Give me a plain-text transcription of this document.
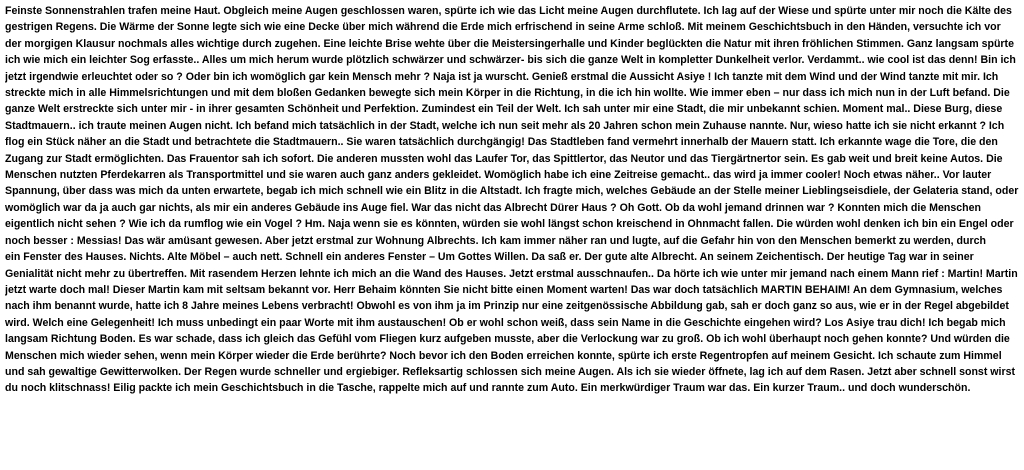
Feinste Sonnenstrahlen trafen meine Haut. Obgleich meine Augen geschlossen waren, spürte ich wie das Licht meine Augen durchflutete. Ich lag auf der Wiese und spürte unter mir noch die Kälte des gestrigen Regens. Die Wärme der Sonne legte sich wie eine Decke über mich während die Erde mich erfrischend in seine Arme schloß. Mit meinem Geschichtsbuch in den Händen, versuchte ich vor der morgigen Klausur nochmals alles wichtige durch zugehen. Eine leichte Brise wehte über die Meistersingerhalle und Kinder beglückten die Natur mit ihren fröhlichen Stimmen. Ganz langsam spürte ich wie mich ein leichter Sog erfasste.. Alles um mich herum wurde plötzlich schwärzer und schwärzer- bis sich die ganze Welt in kompletter Dunkelheit verlor. Verdammt.. wie cool ist das denn! Bin ich jetzt irgendwie erleuchtet oder so ? Oder bin ich womöglich gar kein Mensch mehr ? Naja ist ja wurscht. Genieß erstmal die Aussicht Asiye ! Ich tanzte mit dem Wind und der Wind tanzte mit mir. Ich streckte mich in alle Himmelsrichtungen und mit dem bloßen Gedanken bewegte sich mein Körper in die Richtung, in die ich hin wollte. Wie immer eben – nur dass ich mich nun in der Luft befand. Die ganze Welt erstreckte sich unter mir - in ihrer gesamten Schönheit und Perfektion. Zumindest ein Teil der Welt. Ich sah unter mir eine Stadt, die mir unbekannt schien. Moment mal.. Diese Burg, diese Stadtmauern.. ich traute meinen Augen nicht. Ich befand mich tatsächlich in der Stadt, welche ich nun seit mehr als 20 Jahren schon mein Zuhause nannte. Nur, wieso hatte ich sie nicht erkannt ? Ich flog ein Stück näher an die Stadt und betrachtete die Stadtmauern.. Sie waren tatsächlich durchgängig! Das Stadtleben fand vermehrt innerhalb der Mauern statt. Ich erkannte wage die Tore, die den Zugang zur Stadt ermöglichten. Das Frauentor sah ich sofort. Die anderen mussten wohl das Laufer Tor, das Spittlertor, das Neutor und das Tiergärtnertor sein. Es gab weit und breit keine Autos. Die Menschen nutzten Pferdekarren als Transportmittel und sie waren auch ganz anders gekleidet. Womöglich habe ich eine Zeitreise gemacht.. das wird ja immer cooler! Noch etwas näher.. Vor lauter Spannung, über dass was mich da unten erwartete, begab ich mich schnell wie ein Blitz in die Altstadt. Ich fragte mich, welches Gebäude an der Stelle meiner Lieblingseisdiele, der Gelateria stand, oder womöglich war da ja auch gar nichts, als mir ein anderes Gebäude ins Auge fiel. War das nicht das Albrecht Dürer Haus ? Oh Gott. Ob da wohl jemand drinnen war ? Konnten mich die Menschen eigentlich nicht sehen ? Wie ich da rumflog wie ein Vogel ? Hm. Naja wenn sie es könnten, würden sie wohl längst schon kreischend in Ohnmacht fallen. Die würden wohl denken ich bin ein Engel oder noch besser : Messias! Das wär amüsant gewesen. Aber jetzt erstmal zur Wohnung Albrechts. Ich kam immer näher ran und lugte, auf die Gefahr hin von den Menschen bemerkt zu werden, durch

ein Fenster des Hauses. Nichts. Alte Möbel – auch nett. Schnell ein anderes Fenster – Um Gottes Willen. Da saß er. Der gute alte Albrecht. An seinem Zeichentisch. Der heutige Tag war in seiner Genialität nicht mehr zu übertreffen. Mit rasendem Herzen lehnte ich mich an die Wand des Hauses. Jetzt erstmal ausschnaufen.. Da hörte ich wie unter mir jemand nach einem Mann rief : Martin! Martin jetzt warte doch mal! Dieser Martin kam mit seltsam bekannt vor. Herr Behaim könnten Sie nicht bitte einen Moment warten! Das war doch tatsächlich MARTIN BEHAIM! An dem Gymnasium, welches nach ihm benannt wurde, hatte ich 8 Jahre meines Lebens verbracht! Obwohl es von ihm ja im Prinzip nur eine zeitgenössische Abbildung gab, sah er doch ganz so aus, wie er in der Regel abgebildet wird. Welch eine Gelegenheit! Ich muss unbedingt ein paar Worte mit ihm austauschen! Ob er wohl schon weiß, dass sein Name in die Geschichte eingehen wird? Los Asiye trau dich! Ich begab mich langsam Richtung Boden. Es war schade, dass ich gleich das Gefühl vom Fliegen kurz aufgeben musste, aber die Verlockung war zu groß. Ob ich wohl überhaupt noch gehen konnte? Und würden die Menschen mich wieder sehen, wenn mein Körper wieder die Erde berührte? Noch bevor ich den Boden erreichen konnte, spürte ich erste Regentropfen auf meinem Gesicht. Ich schaute zum Himmel und sah gewaltige Gewitterwolken. Der Regen wurde schneller und ergiebiger. Refleksartig schlossen sich meine Augen. Als ich sie wieder öffnete, lag ich auf dem Rasen. Jetzt aber schnell sonst wirst du noch klitschnass! Eilig packte ich mein Geschichtsbuch in die Tasche, rappelte mich auf und rannte zum Auto. Ein merkwürdiger Traum war das. Ein kurzer Traum.. und doch wunderschön.
